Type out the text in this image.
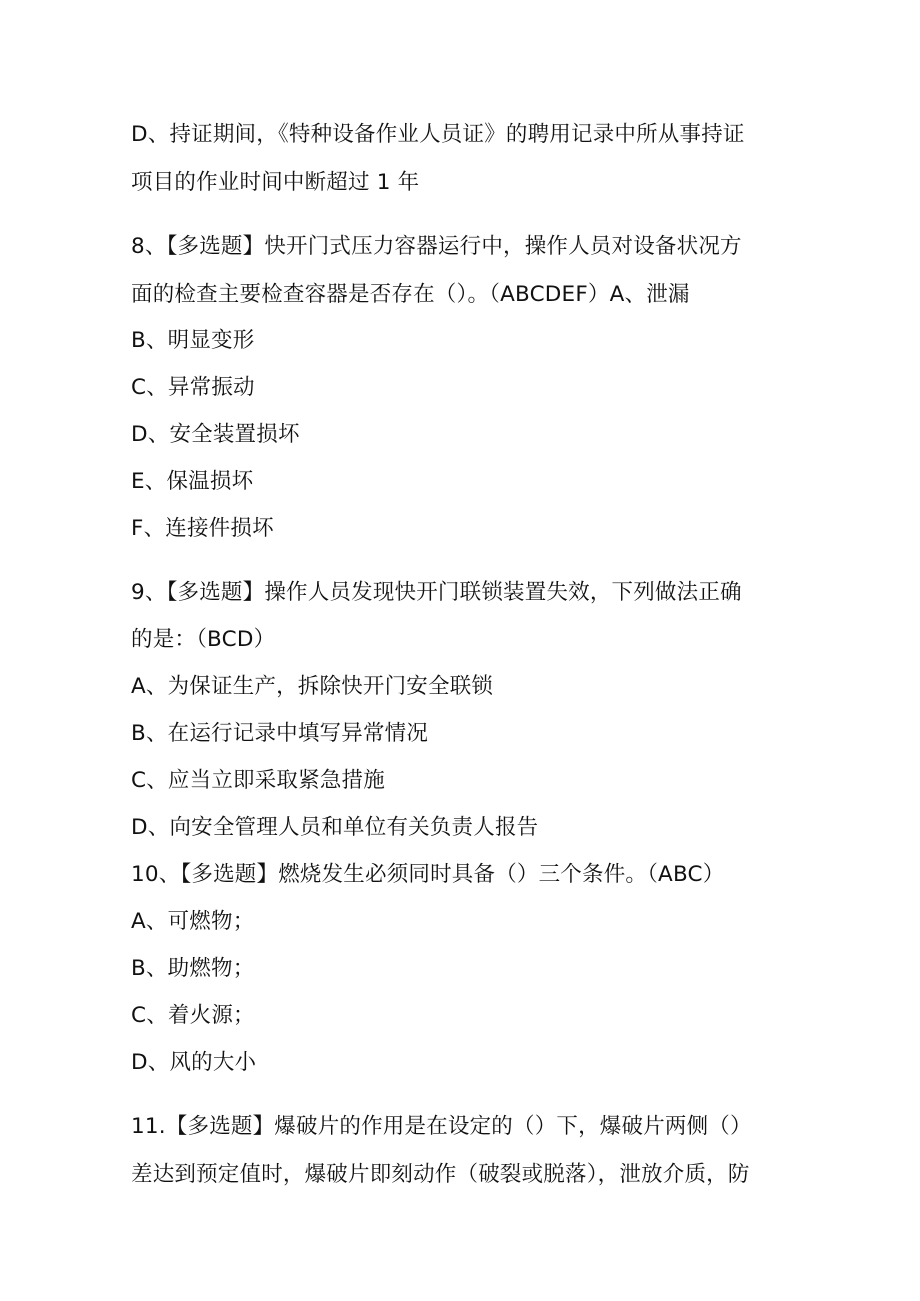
D、持证期间，《特种设备作业人员证》的聘用记录中所从事持证
项目的作业时间中断超过 1 年
8、【多选题】快开门式压力容器运行中，操作人员对设备状况方
面的检查主要检查容器是否存在（）。（ABCDEF）A、泄漏
B、明显变形
C、异常振动
D、安全装置损坏
E、保温损坏
F、连接件损坏
9、【多选题】操作人员发现快开门联锁装置失效，下列做法正确
的是：（BCD）
A、为保证生产，拆除快开门安全联锁
B、在运行记录中填写异常情况
C、应当立即采取紧急措施
D、向安全管理人员和单位有关负责人报告
10、【多选题】燃烧发生必须同时具备（）三个条件。（ABC）
A、可燃物；
B、助燃物；
C、着火源；
D、风的大小
11.【多选题】爆破片的作用是在设定的（）下，爆破片两侧（）
差达到预定值时，爆破片即刻动作（破裂或脱落），泄放介质，防
